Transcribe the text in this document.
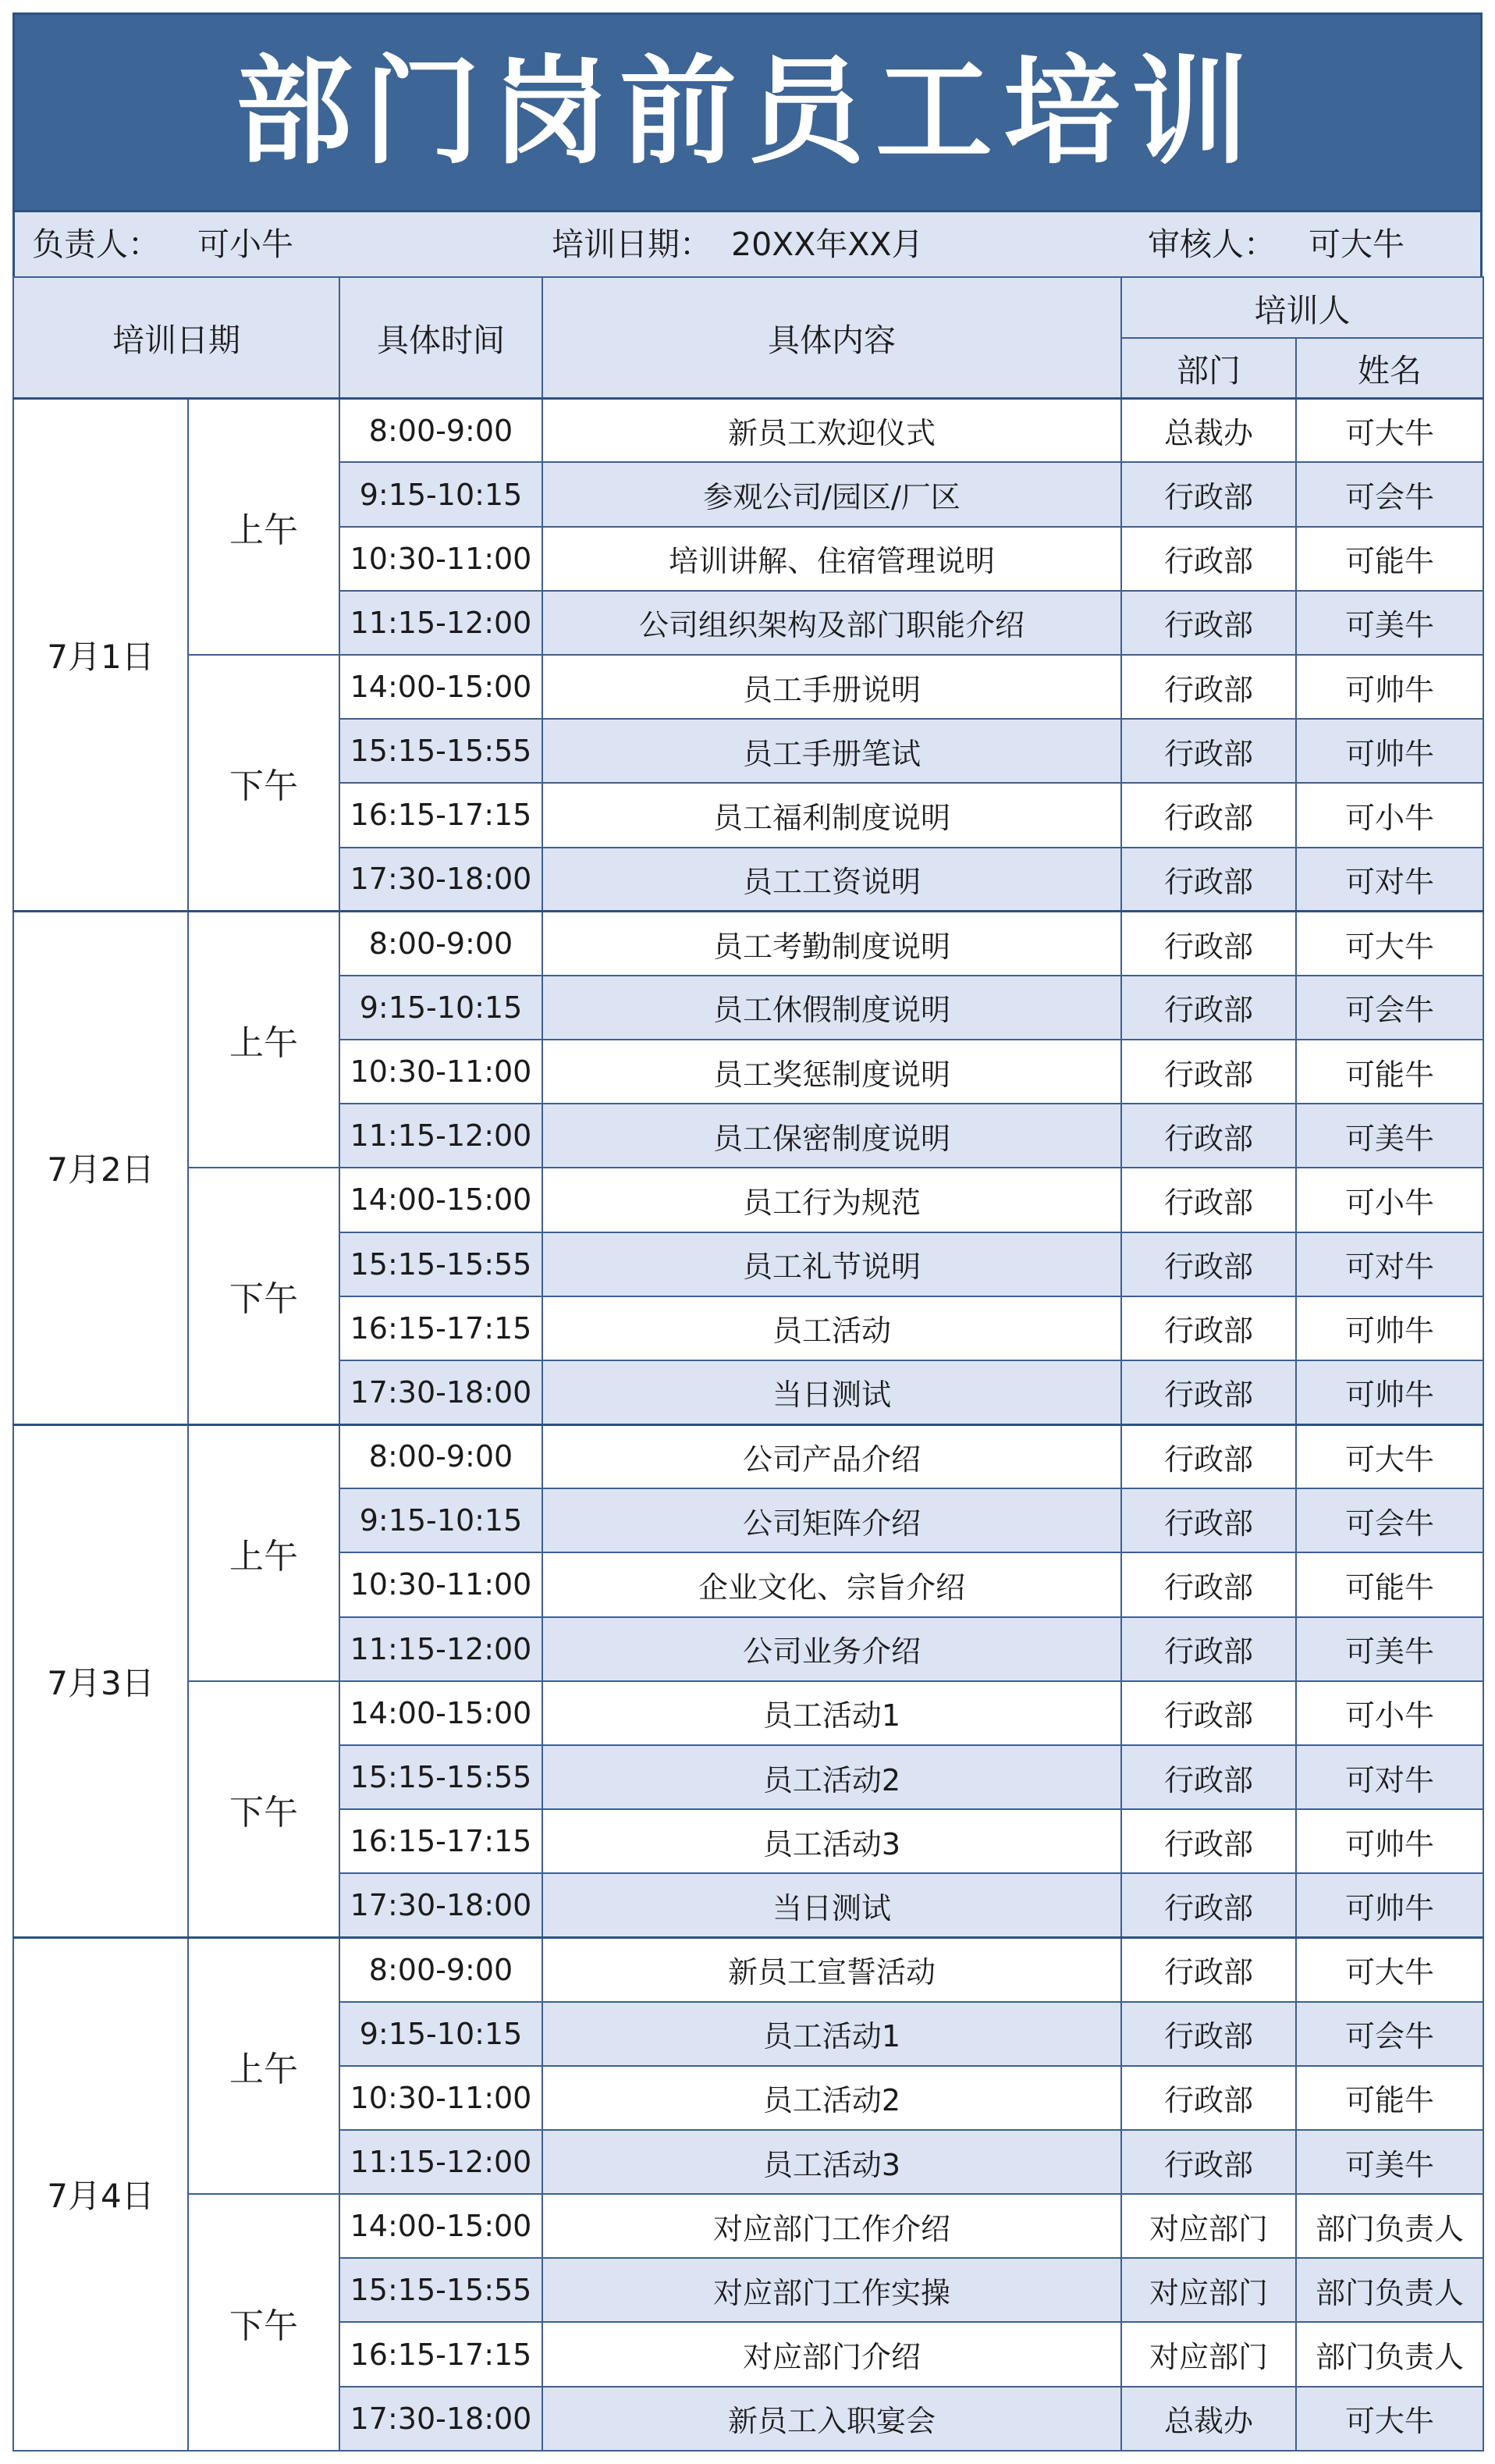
部门岗前员工培训
负责人： 可小牛	培训日期： 20XX年XX月	审核人： 可大牛
培训日期		具体时间	具体内容	培训人	
				部门	姓名
7月1日	上午	8:00-9:00	新员工欢迎仪式	总裁办	可大牛
		9:15-10:15	参观公司/园区/厂区	行政部	可会牛
		10:30-11:00	培训讲解、住宿管理说明	行政部	可能牛
		11:15-12:00	公司组织架构及部门职能介绍	行政部	可美牛
	下午	14:00-15:00	员工手册说明	行政部	可帅牛
		15:15-15:55	员工手册笔试	行政部	可帅牛
		16:15-17:15	员工福利制度说明	行政部	可小牛
		17:30-18:00	员工工资说明	行政部	可对牛
7月2日	上午	8:00-9:00	员工考勤制度说明	行政部	可大牛
		9:15-10:15	员工休假制度说明	行政部	可会牛
		10:30-11:00	员工奖惩制度说明	行政部	可能牛
		11:15-12:00	员工保密制度说明	行政部	可美牛
	下午	14:00-15:00	员工行为规范	行政部	可小牛
		15:15-15:55	员工礼节说明	行政部	可对牛
		16:15-17:15	员工活动	行政部	可帅牛
		17:30-18:00	当日测试	行政部	可帅牛
7月3日	上午	8:00-9:00	公司产品介绍	行政部	可大牛
		9:15-10:15	公司矩阵介绍	行政部	可会牛
		10:30-11:00	企业文化、宗旨介绍	行政部	可能牛
		11:15-12:00	公司业务介绍	行政部	可美牛
	下午	14:00-15:00	员工活动1	行政部	可小牛
		15:15-15:55	员工活动2	行政部	可对牛
		16:15-17:15	员工活动3	行政部	可帅牛
		17:30-18:00	当日测试	行政部	可帅牛
7月4日	上午	8:00-9:00	新员工宣誓活动	行政部	可大牛
		9:15-10:15	员工活动1	行政部	可会牛
		10:30-11:00	员工活动2	行政部	可能牛
		11:15-12:00	员工活动3	行政部	可美牛
	下午	14:00-15:00	对应部门工作介绍	对应部门	部门负责人
		15:15-15:55	对应部门工作实操	对应部门	部门负责人
		16:15-17:15	对应部门介绍	对应部门	部门负责人
		17:30-18:00	新员工入职宴会	总裁办	可大牛
